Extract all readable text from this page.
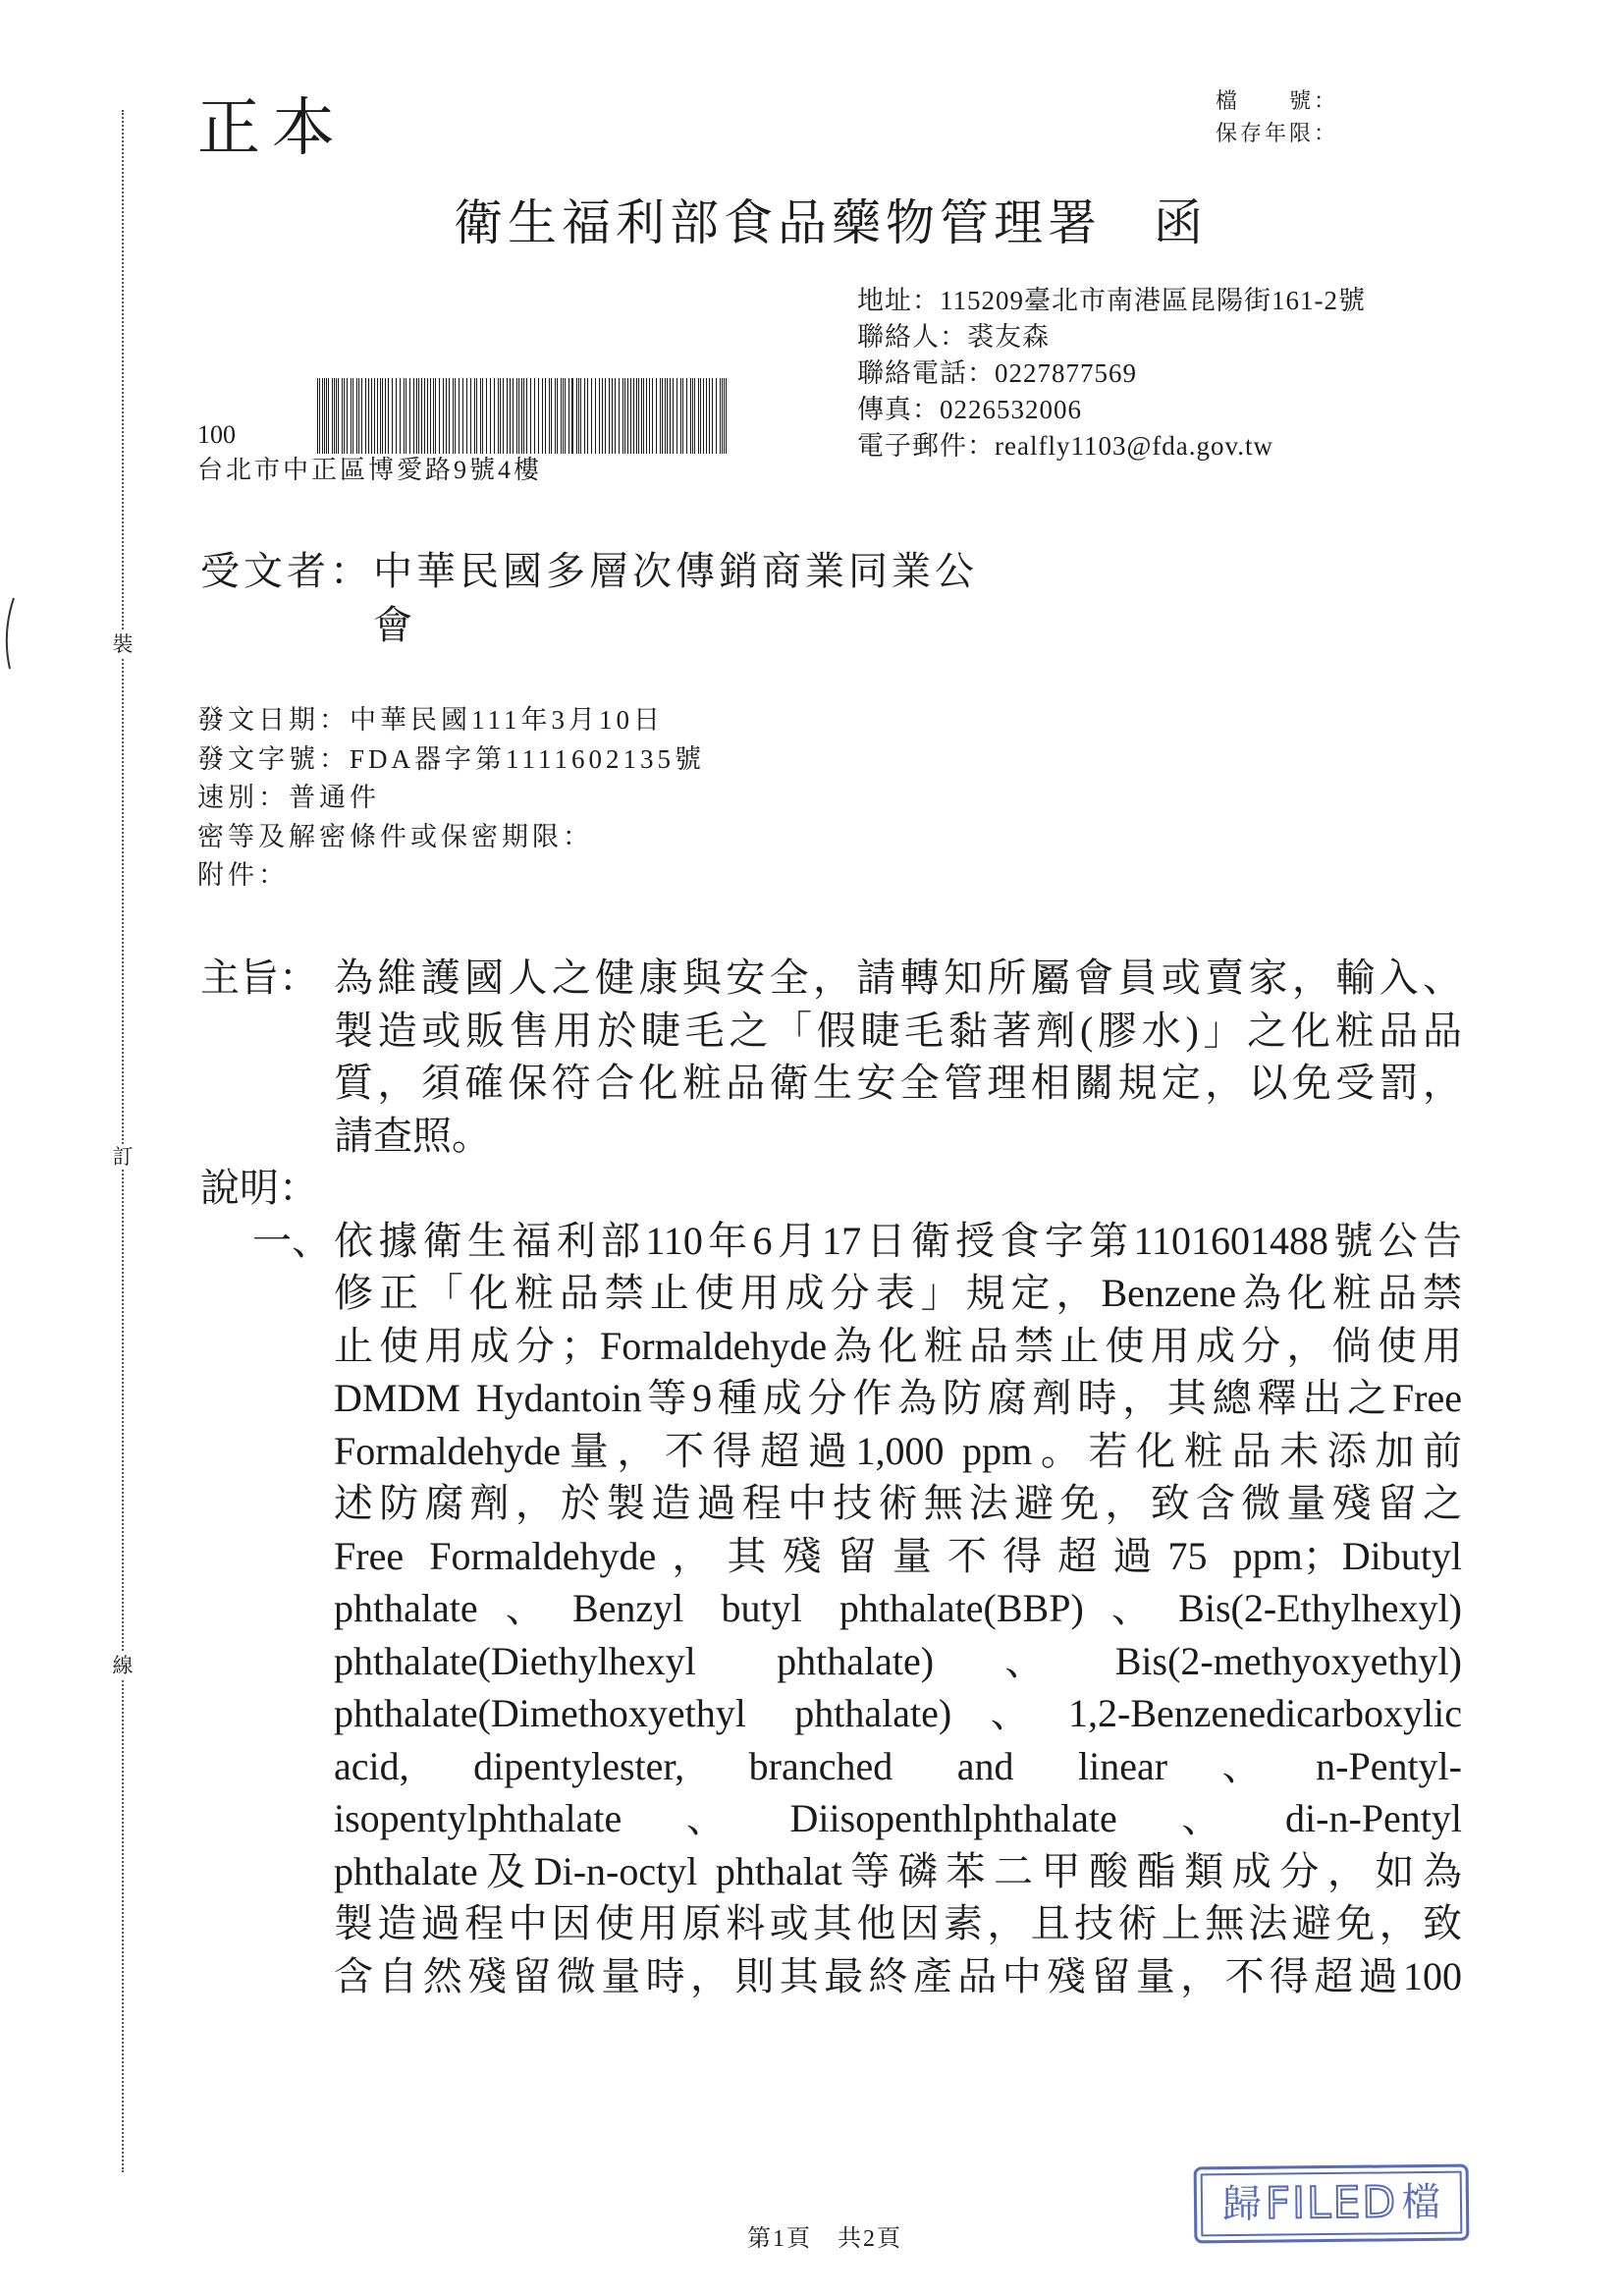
正本	檔　　號：
保存年限：
裝
訂
線
衛生福利部食品藥物管理署 函
地址：115209臺北市南港區昆陽街161-2號
聯絡人：裘友森
聯絡電話：0227877569
傳真：0226532006
電子郵件：realfly1103@fda.gov.tw
100
台北市中正區博愛路9號4樓
受文者：中華民國多層次傳銷商業同業公
會
發文日期：中華民國111年3月10日
發文字號：FDA器字第1111602135號
速別：普通件
密等及解密條件或保密期限：
附件：
主旨： 為維護國人之健康與安全，請轉知所屬會員或賣家，輸入、
製造或販售用於睫毛之「假睫毛黏著劑(膠水)」之化粧品品
質，須確保符合化粧品衛生安全管理相關規定，以免受罰，
請查照。
說明：
一、 依據衛生福利部110年6月17日衛授食字第1101601488號公告
修正「化粧品禁止使用成分表」規定，Benzene為化粧品禁
止使用成分；Formaldehyde為化粧品禁止使用成分，倘使用
DMDM Hydantoin等9種成分作為防腐劑時，其總釋出之Free
Formaldehyde量，不得超過1,000 ppm。若化粧品未添加前
述防腐劑，於製造過程中技術無法避免，致含微量殘留之
Free Formaldehyde，其殘留量不得超過75 ppm；Dibutyl
phthalate、Benzyl butyl phthalate(BBP)、Bis(2-Ethylhexyl)
phthalate(Diethylhexyl phthalate)、Bis(2-methyoxyethyl)
phthalate(Dimethoxyethyl phthalate)、1,2-Benzenedicarboxylic
acid, dipentylester, branched and linear、n-Pentyl-
isopentylphthalate、Diisopenthlphthalate、di-n-Pentyl
phthalate及Di-n-octyl phthalat等磷苯二甲酸酯類成分，如為
製造過程中因使用原料或其他因素，且技術上無法避免，致
含自然殘留微量時，則其最終產品中殘留量，不得超過100
第1頁　共2頁
歸 FILED 檔
